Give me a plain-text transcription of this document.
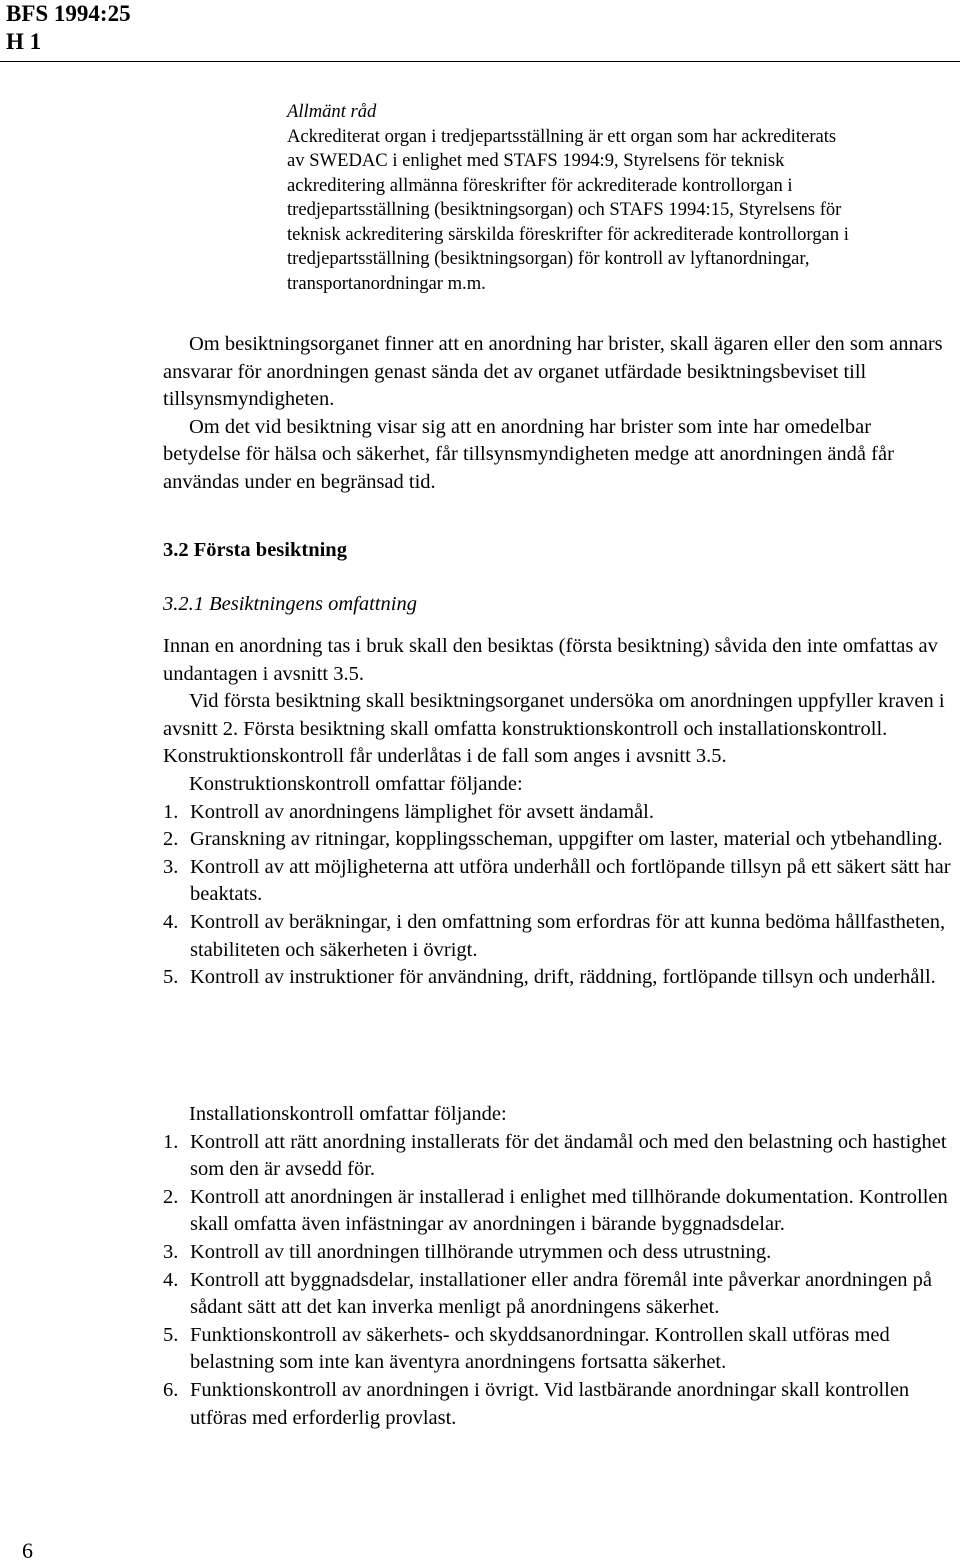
BFS 1994:25
H 1
Allmänt råd
Ackrediterat organ i tredjepartsställning är ett organ som har ackrediterats
av SWEDAC i enlighet med STAFS 1994:9, Styrelsens för teknisk
ackreditering allmänna föreskrifter för ackrediterade kontrollorgan i
tredjepartsställning (besiktningsorgan) och STAFS 1994:15, Styrelsens för
teknisk ackreditering särskilda föreskrifter för ackrediterade kontrollorgan i
tredjepartsställning (besiktningsorgan) för kontroll av lyftanordningar,
transportanordningar m.m.

Om besiktningsorganet finner att en anordning har brister, skall ägaren eller den som annars ansvarar för anordningen genast sända det av organet utfärdade besiktningsbeviset till tillsynsmyndigheten.

Om det vid besiktning visar sig att en anordning har brister som inte har omedelbar betydelse för hälsa och säkerhet, får tillsynsmyndigheten medge att anordningen ändå får användas under en begränsad tid.

3.2 Första besiktning
3.2.1 Besiktningens omfattning

Innan en anordning tas i bruk skall den besiktas (första besiktning) såvida den inte omfattas av undantagen i avsnitt 3.5.

Vid första besiktning skall besiktningsorganet undersöka om anordningen uppfyller kraven i avsnitt 2. Första besiktning skall omfatta konstruktionskontroll och installationskontroll. Konstruktionskontroll får underlåtas i de fall som anges i avsnitt 3.5.

Konstruktionskontroll omfattar följande:

1. Kontroll av anordningens lämplighet för avsett ändamål.
2. Granskning av ritningar, kopplingsscheman, uppgifter om laster, material och ytbehandling.
3. Kontroll av att möjligheterna att utföra underhåll och fortlöpande tillsyn på ett säkert sätt har beaktats.
4. Kontroll av beräkningar, i den omfattning som erfordras för att kunna bedöma hållfastheten, stabiliteten och säkerheten i övrigt.
5. Kontroll av instruktioner för användning, drift, räddning, fortlöpande tillsyn och underhåll.

Installationskontroll omfattar följande:

1. Kontroll att rätt anordning installerats för det ändamål och med den belastning och hastighet som den är avsedd för.
2. Kontroll att anordningen är installerad i enlighet med tillhörande dokumentation. Kontrollen skall omfatta även infästningar av anordningen i bärande byggnadsdelar.
3. Kontroll av till anordningen tillhörande utrymmen och dess utrustning.
4. Kontroll att byggnadsdelar, installationer eller andra föremål inte påverkar anordningen på sådant sätt att det kan inverka menligt på anordningens säkerhet.
5. Funktionskontroll av säkerhets- och skyddsanordningar. Kontrollen skall utföras med belastning som inte kan äventyra anordningens fortsatta säkerhet.
6. Funktionskontroll av anordningen i övrigt. Vid lastbärande anordningar skall kontrollen utföras med erforderlig provlast.
6
